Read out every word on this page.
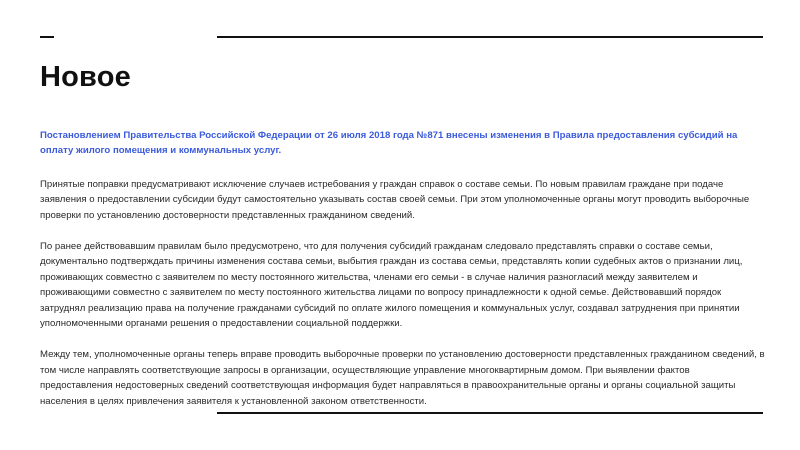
Новое

Постановлением Правительства Российской Федерации от 26 июля 2018 года №871 внесены изменения в Правила предоставления субсидий на оплату жилого помещения и коммунальных услуг.

Принятые поправки предусматривают исключение случаев истребования у граждан справок о составе семьи. По новым правилам граждане при подаче заявления о предоставлении субсидии будут самостоятельно указывать состав своей семьи. При этом уполномоченные органы могут проводить выборочные проверки по установлению достоверности представленных гражданином сведений.

По ранее действовавшим правилам было предусмотрено, что для получения субсидий гражданам следовало представлять справки о составе семьи, документально подтверждать причины изменения состава семьи, выбытия граждан из состава семьи, представлять копии судебных актов о признании лиц, проживающих совместно с заявителем по месту постоянного жительства, членами его семьи - в случае наличия разногласий между заявителем и проживающими совместно с заявителем по месту постоянного жительства лицами по вопросу принадлежности к одной семье. Действовавший порядок затруднял реализацию права на получение гражданами субсидий по оплате жилого помещения и коммунальных услуг, создавал затруднения при принятии уполномоченными органами решения о предоставлении социальной поддержки.

Между тем, уполномоченные органы теперь вправе проводить выборочные проверки по установлению достоверности представленных гражданином сведений, в том числе направлять соответствующие запросы в организации, осуществляющие управление многоквартирным домом. При выявлении фактов предоставления недостоверных сведений соответствующая информация будет направляться в правоохранительные органы и органы социальной защиты населения в целях привлечения заявителя к установленной законом ответственности.
